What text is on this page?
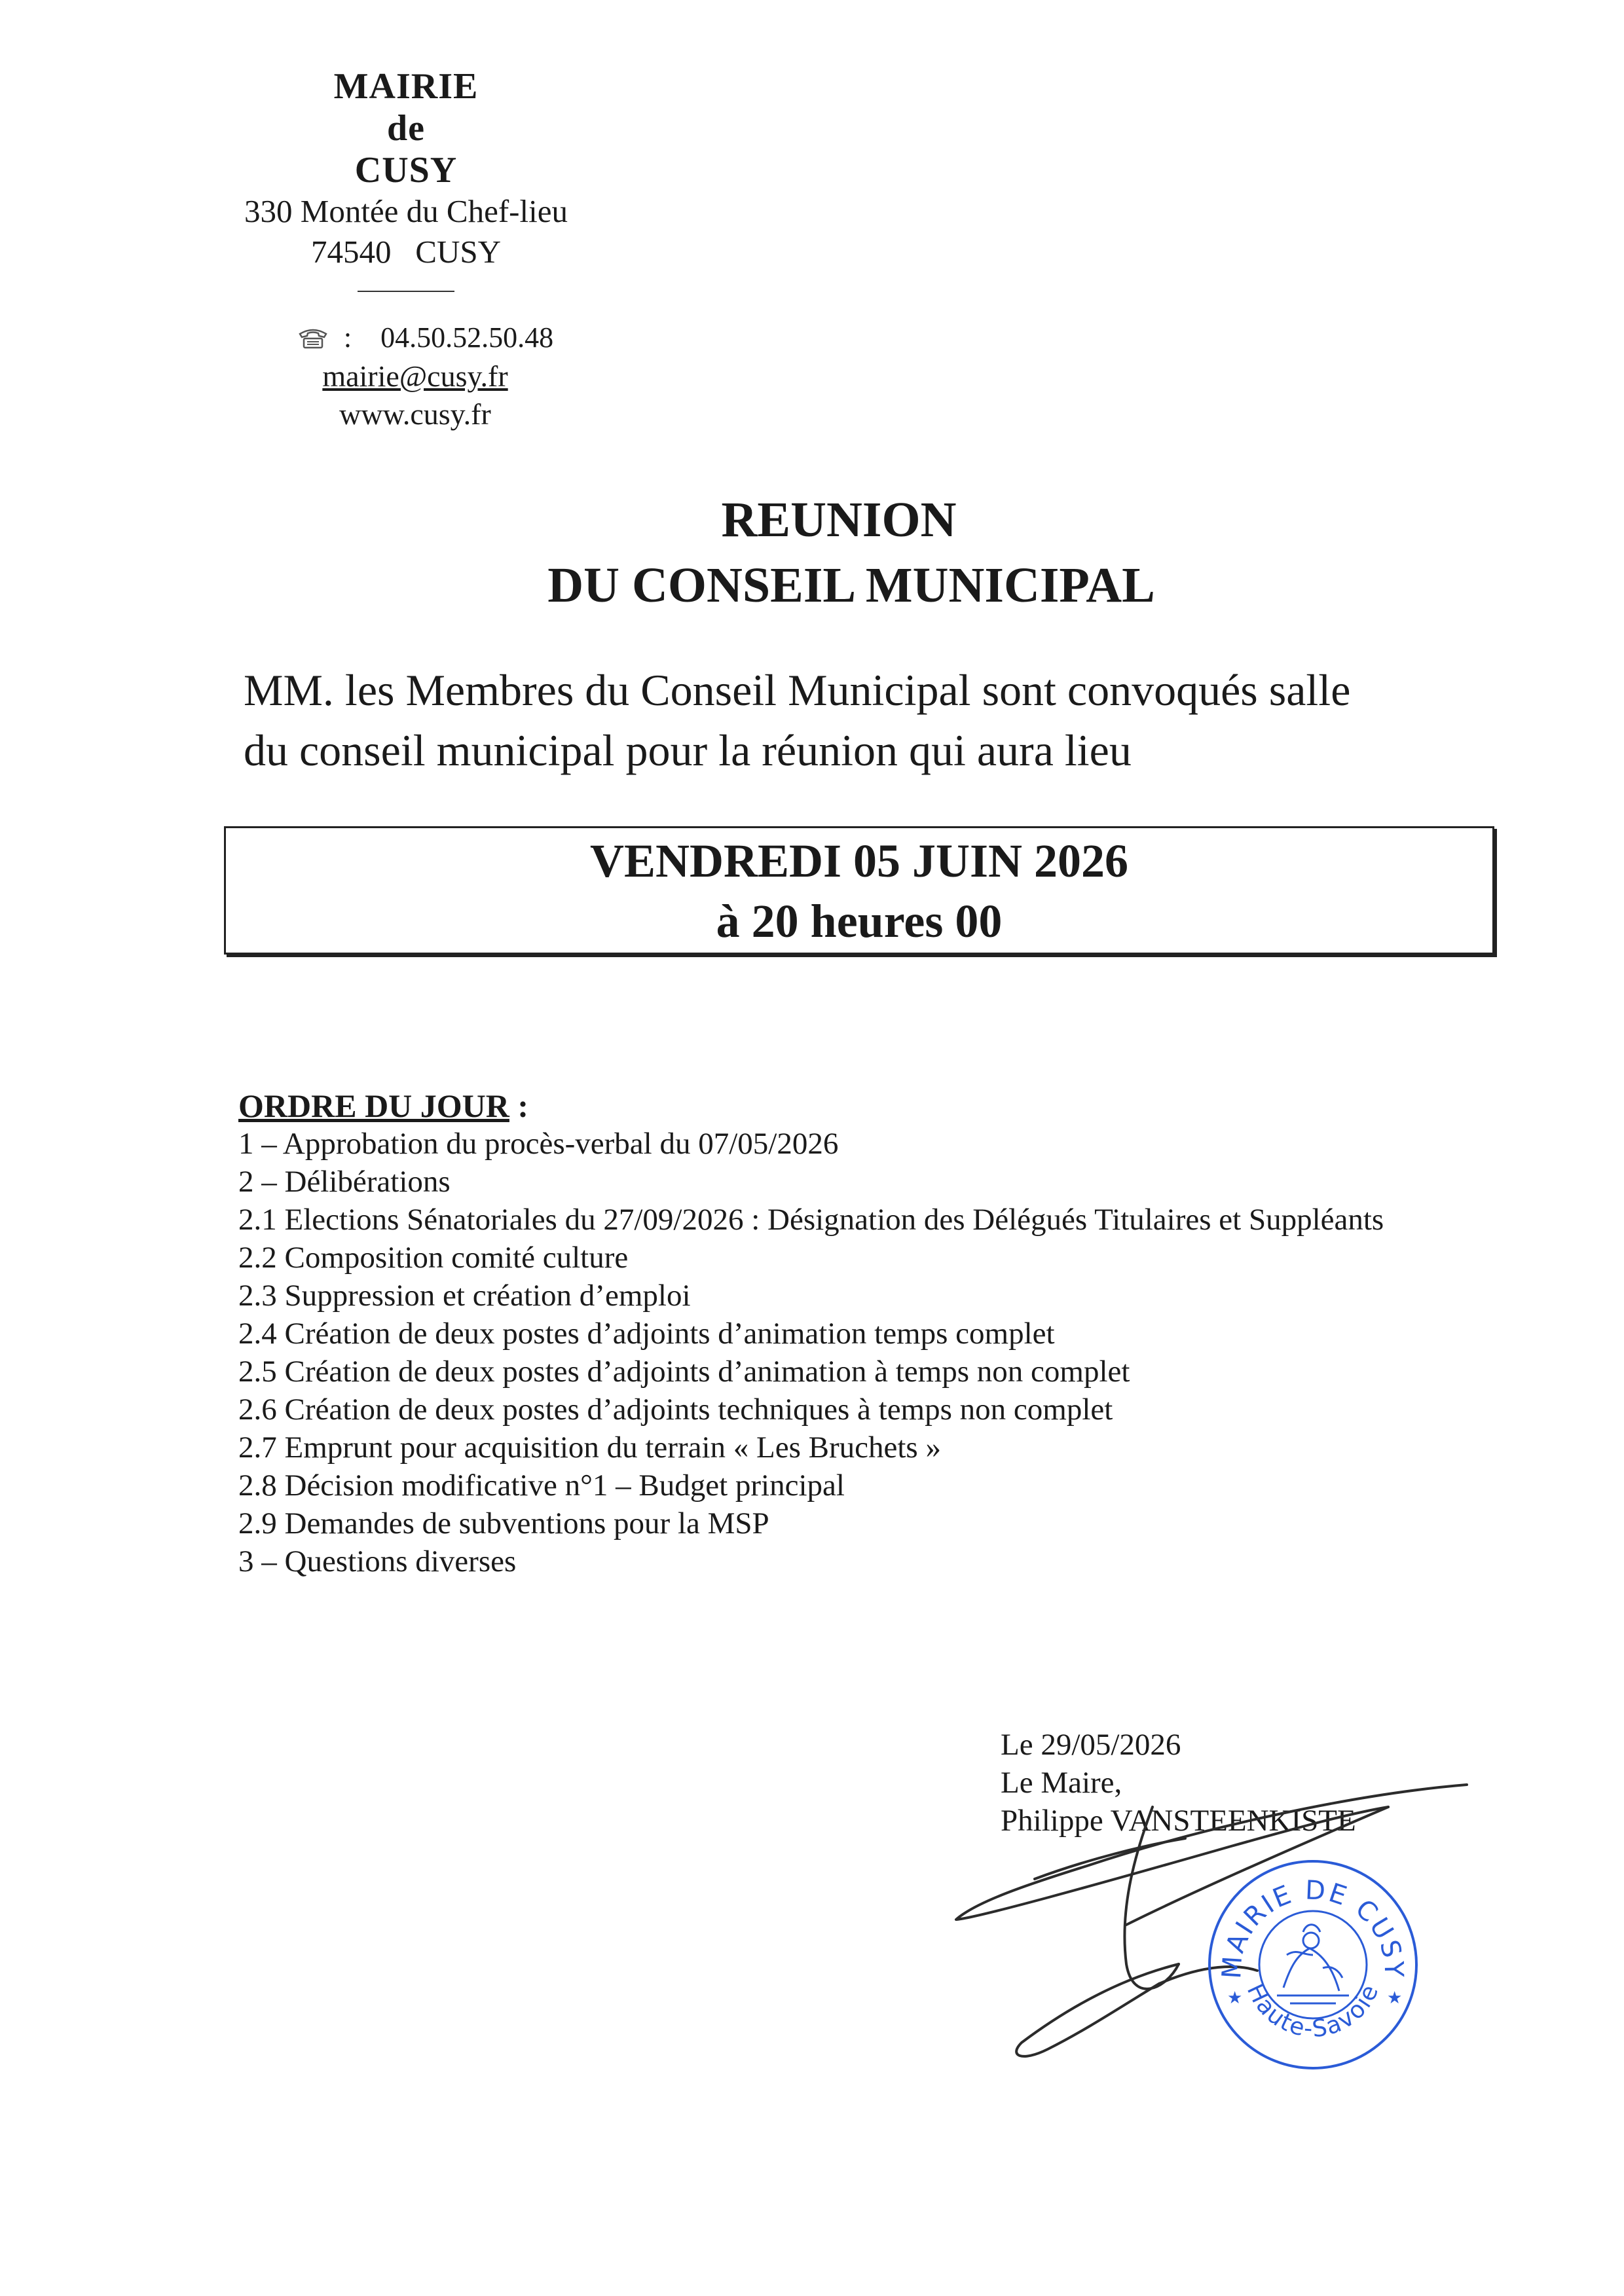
MAIRIE
de
CUSY
330 Montée du Chef-lieu
74540   CUSY
: 04.50.52.50.48
mairie@cusy.fr
www.cusy.fr
REUNION
DU CONSEIL MUNICIPAL
MM. les Membres du Conseil Municipal sont convoqués salle
du conseil municipal pour la réunion qui aura lieu
VENDREDI 05 JUIN 2026
à 20 heures 00
ORDRE DU JOUR :
1 – Approbation du procès-verbal du 07/05/2026
2 – Délibérations
2.1 Elections Sénatoriales du 27/09/2026 : Désignation des Délégués Titulaires et Suppléants
2.2 Composition comité culture
2.3 Suppression et création d’emploi
2.4 Création de deux postes d’adjoints d’animation temps complet
2.5 Création de deux postes d’adjoints d’animation à temps non complet
2.6 Création de deux postes d’adjoints techniques à temps non complet
2.7 Emprunt pour acquisition du terrain « Les Bruchets »
2.8 Décision modificative n°1 – Budget principal
2.9 Demandes de subventions pour la MSP
3 – Questions diverses
Le 29/05/2026
Le Maire,
Philippe VANSTEENKISTE
MAIRIE DE CUSY
Haute-Savoie
★	★
